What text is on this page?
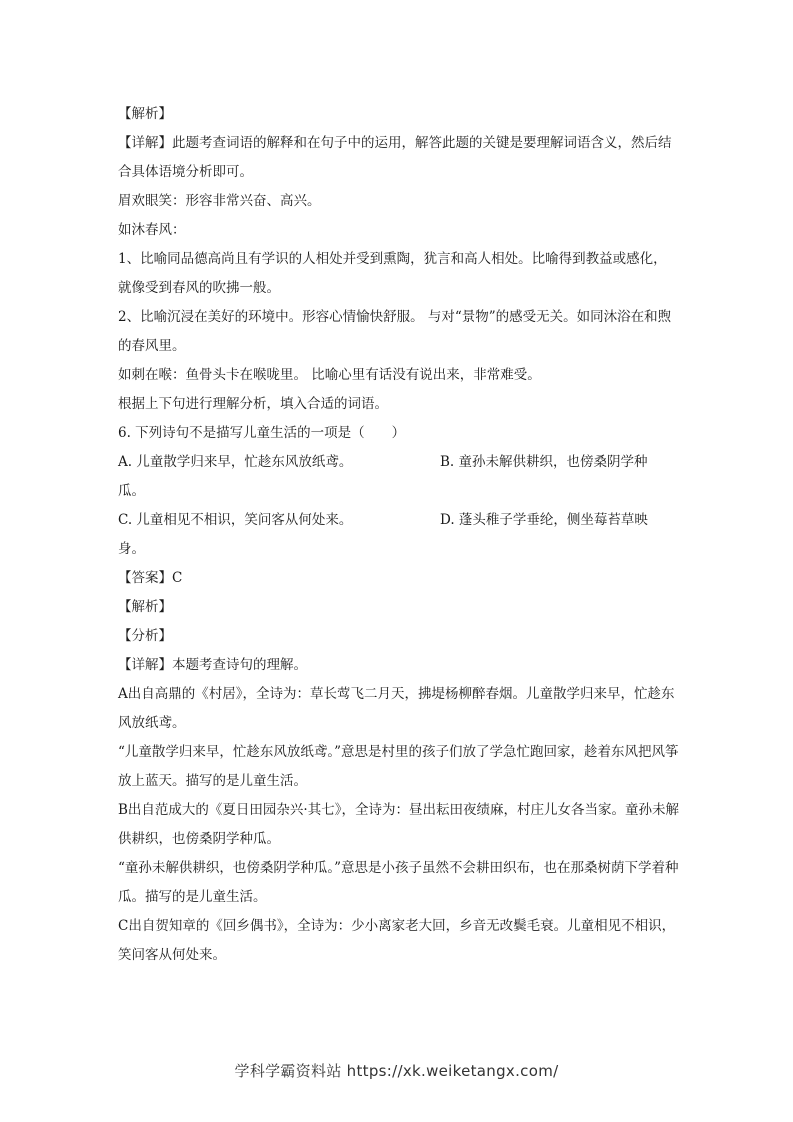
【解析】

【详解】此题考查词语的解释和在句子中的运用，解答此题的关键是要理解词语含义，然后结合具体语境分析即可。

眉欢眼笑：形容非常兴奋、高兴。

如沐春风：

1、比喻同品德高尚且有学识的人相处并受到熏陶，犹言和高人相处。比喻得到教益或感化，就像受到春风的吹拂一般。

2、比喻沉浸在美好的环境中。形容心情愉快舒服。 与对“景物”的感受无关。如同沐浴在和煦的春风里。

如刺在喉：鱼骨头卡在喉咙里。 比喻心里有话没有说出来，非常难受。

根据上下句进行理解分析，填入合适的词语。

6. 下列诗句不是描写儿童生活的一项是（　　）

A. 儿童散学归来早，忙趁东风放纸鸢。	B. 童孙未解供耕织，也傍桑阴学种

瓜。

C. 儿童相见不相识，笑问客从何处来。	D. 蓬头稚子学垂纶，侧坐莓苔草映

身。

【答案】C

【解析】

【分析】

【详解】本题考查诗句的理解。

A出自高鼎的《村居》，全诗为：草长莺飞二月天，拂堤杨柳醉春烟。儿童散学归来早，忙趁东风放纸鸢。

“儿童散学归来早，忙趁东风放纸鸢。”意思是村里的孩子们放了学急忙跑回家，趁着东风把风筝放上蓝天。描写的是儿童生活。

B出自范成大的《夏日田园杂兴·其七》，全诗为：昼出耘田夜绩麻，村庄儿女各当家。童孙未解供耕织，也傍桑阴学种瓜。

“童孙未解供耕织，也傍桑阴学种瓜。”意思是小孩子虽然不会耕田织布，也在那桑树荫下学着种瓜。描写的是儿童生活。

C出自贺知章的《回乡偶书》，全诗为：少小离家老大回，乡音无改鬓毛衰。儿童相见不相识，笑问客从何处来。

学科学霸资料站 https://xk.weiketangx.com/
